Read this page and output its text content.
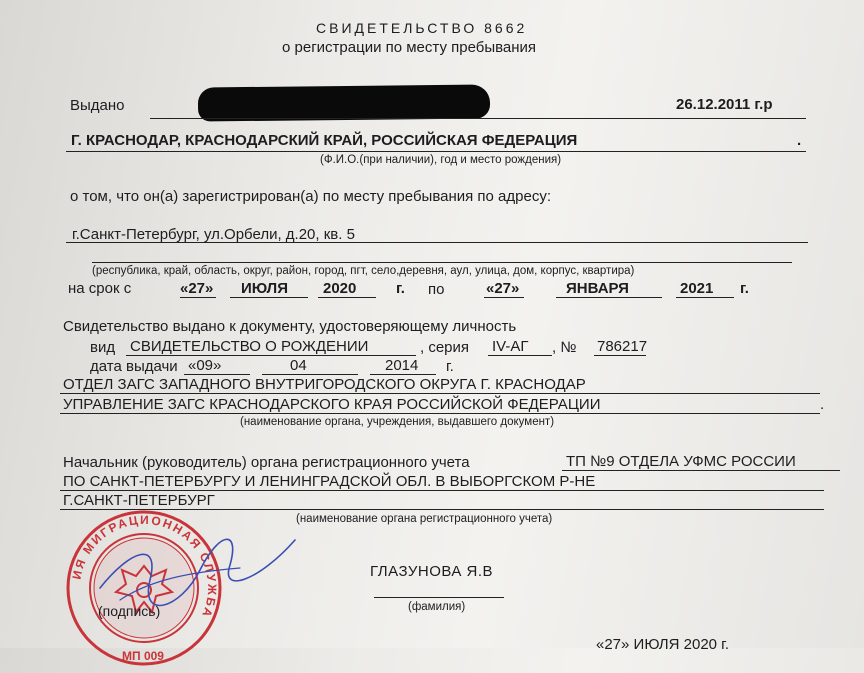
СВИДЕТЕЛЬСТВО 8662
о регистрации по месту пребывания
Выдано	26.12.2011 г.р
Г. КРАСНОДАР, КРАСНОДАРСКИЙ КРАЙ, РОССИЙСКАЯ ФЕДЕРАЦИЯ	.
(Ф.И.О.(при наличии), год и место рождения)
о том, что он(а) зарегистрирован(а) по месту пребывания по адресу:
г.Санкт-Петербург, ул.Орбели, д.20, кв. 5
(республика, край, область, округ, район, город, пгт, село,деревня, аул, улица, дом, корпус, квартира)
на срок с	«27» ИЮЛЯ 2020	г. по	«27»	ЯНВАРЯ	2021 г.
Свидетельство выдано к документу, удостоверяющему личность
вид СВИДЕТЕЛЬСТВО О РОЖДЕНИИ	, серия IV-АГ , № 786217
дата выдачи «09»	04	2014 г.
ОТДЕЛ ЗАГС ЗАПАДНОГО ВНУТРИГОРОДСКОГО ОКРУГА Г. КРАСНОДАР
УПРАВЛЕНИЕ ЗАГС КРАСНОДАРСКОГО КРАЯ РОССИЙСКОЙ ФЕДЕРАЦИИ	.
(наименование органа, учреждения, выдавшего документ)
Начальник (руководитель) органа регистрационного учета	ТП №9 ОТДЕЛА УФМС РОССИИ
ПО САНКТ-ПЕТЕРБУРГУ И ЛЕНИНГРАДСКОЙ ОБЛ. В ВЫБОРГСКОМ Р-НЕ
Г.САНКТ-ПЕТЕРБУРГ
(наименование органа регистрационного учета)
ИЯ МИГРАЦИОННАЯ СЛУЖБА
МП 009
(подпись)
ГЛАЗУНОВА Я.В
(фамилия)
«27» ИЮЛЯ 2020 г.
